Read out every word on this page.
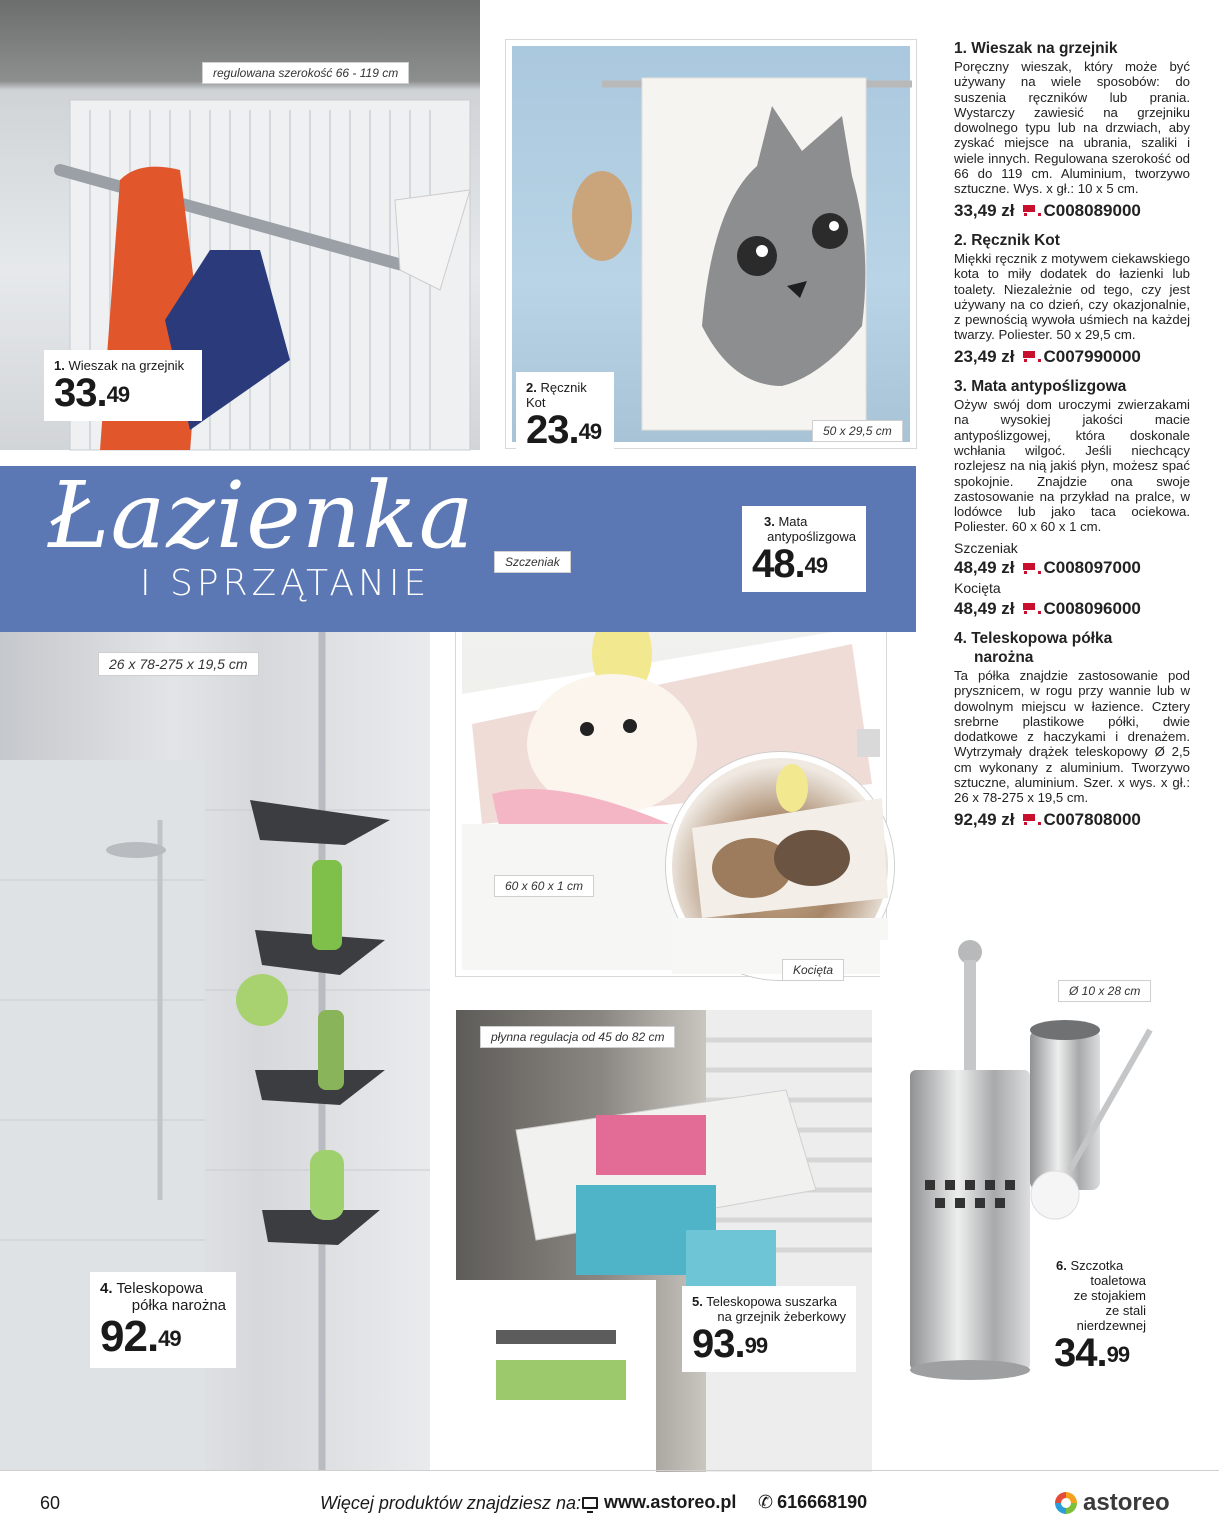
Łazienka
I SPRZĄTANIE
regulowana szerokość 66 - 119 cm
50 x 29,5 cm
26 x 78-275 x 19,5 cm
Szczeniak
60 x 60 x 1 cm
Kocięta
płynna regulacja od 45 do 82 cm
Ø 10 x 28 cm
1. Wieszak na grzejnik
33.49	2. Ręcznik Kot
23.49
3. Mata
antypoślizgowa
48.49
4. Teleskopowa
półka narożna
92.49
5. Teleskopowa suszarka
na grzejnik żeberkowy
93.99
6. Szczotka
toaletowa
ze stojakiem
ze stali
nierdzewnej
34.99
1. Wieszak na grzejnik

Poręczny wieszak, który może być używany na wiele sposobów: do suszenia ręczników lub prania. Wystarczy zawiesić na grzejniku dowolnego typu lub na drzwiach, aby zyskać miejsce na ubrania, szaliki i wiele innych. Regulowana szerokość od 66 do 119 cm. Aluminium, tworzywo sztuczne. Wys. x gł.: 10 x 5 cm.

33,49 zł C008089000
2. Ręcznik Kot

Miękki ręcznik z motywem ciekawskiego kota to miły dodatek do łazienki lub toalety. Niezależnie od tego, czy jest używany na co dzień, czy okazjonalnie, z pewnością wywoła uśmiech na każdej twarzy. Poliester. 50 x 29,5 cm.

23,49 zł C007990000
3. Mata antypoślizgowa

Ożyw swój dom uroczymi zwierzakami na wysokiej jakości macie antypoślizgowej, która doskonale wchłania wilgoć. Jeśli niechcący rozlejesz na nią jakiś płyn, możesz spać spokojnie. Znajdzie ona swoje zastosowanie na przykład na pralce, w lodówce lub jako taca ociekowa. Poliester. 60 x 60 x 1 cm.

Szczeniak
48,49 zł C008097000
Kocięta
48,49 zł C008096000
4. Teleskopowa półka
narożna

Ta półka znajdzie zastosowanie pod prysznicem, w rogu przy wannie lub w dowolnym miejscu w łazience. Cztery srebrne plastikowe półki, dwie dodatkowe z haczykami i drenażem. Wytrzymały drążek teleskopowy Ø 2,5 cm wykonany z aluminium. Tworzywo sztuczne, aluminium. Szer. x wys. x gł.: 26 x 78-275 x 19,5 cm.

92,49 zł C007808000
60	Więcej produktów znajdziesz na: www.astoreo.pl ✆ 616668190	astoreo
